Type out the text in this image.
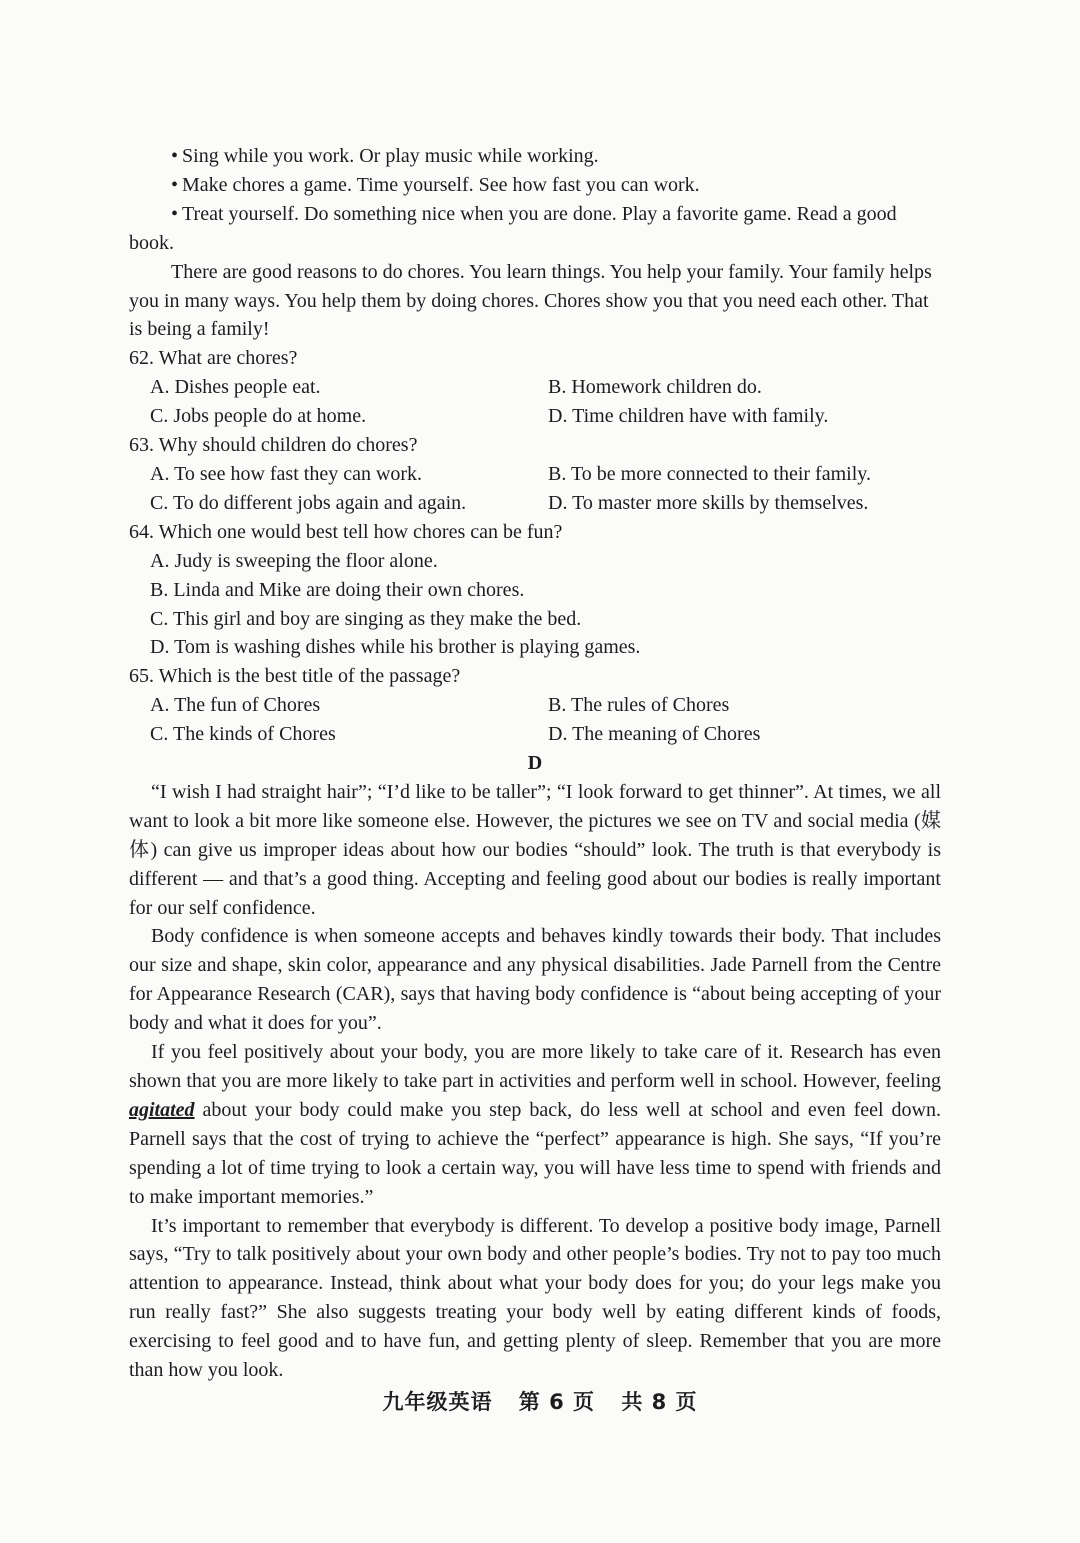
• Sing while you work. Or play music while working.

• Make chores a game. Time yourself. See how fast you can work.

• Treat yourself. Do something nice when you are done. Play a favorite game. Read a good book.

There are good reasons to do chores. You learn things. You help your family. Your family helps you in many ways. You help them by doing chores. Chores show you that you need each other. That is being a family!

62. What are chores?

A. Dishes people eat.	B. Homework children do.
C. Jobs people do at home.	D. Time children have with family.

63. Why should children do chores?

A. To see how fast they can work.	B. To be more connected to their family.
C. To do different jobs again and again.	D. To master more skills by themselves.

64. Which one would best tell how chores can be fun?

A. Judy is sweeping the floor alone.
B. Linda and Mike are doing their own chores.
C. This girl and boy are singing as they make the bed.
D. Tom is washing dishes while his brother is playing games.

65. Which is the best title of the passage?

A. The fun of Chores	B. The rules of Chores
C. The kinds of Chores	D. The meaning of Chores

D

“I wish I had straight hair”; “I’d like to be taller”; “I look forward to get thinner”. At times, we all want to look a bit more like someone else. However, the pictures we see on TV and social media (媒体) can give us improper ideas about how our bodies “should” look. The truth is that everybody is different — and that’s a good thing. Accepting and feeling good about our bodies is really important for our self confidence.

Body confidence is when someone accepts and behaves kindly towards their body. That includes our size and shape, skin color, appearance and any physical disabilities. Jade Parnell from the Centre for Appearance Research (CAR), says that having body confidence is “about being accepting of your body and what it does for you”.

If you feel positively about your body, you are more likely to take care of it. Research has even shown that you are more likely to take part in activities and perform well in school. However, feeling agitated about your body could make you step back, do less well at school and even feel down. Parnell says that the cost of trying to achieve the “perfect” appearance is high. She says, “If you’re spending a lot of time trying to look a certain way, you will have less time to spend with friends and to make important memories.”

It’s important to remember that everybody is different. To develop a positive body image, Parnell says, “Try to talk positively about your own body and other people’s bodies. Try not to pay too much attention to appearance. Instead, think about what your body does for you; do your legs make you run really fast?” She also suggests treating your body well by eating different kinds of foods, exercising to feel good and to have fun, and getting plenty of sleep. Remember that you are more than how you look.

九年级英语 第 6 页 共 8 页
